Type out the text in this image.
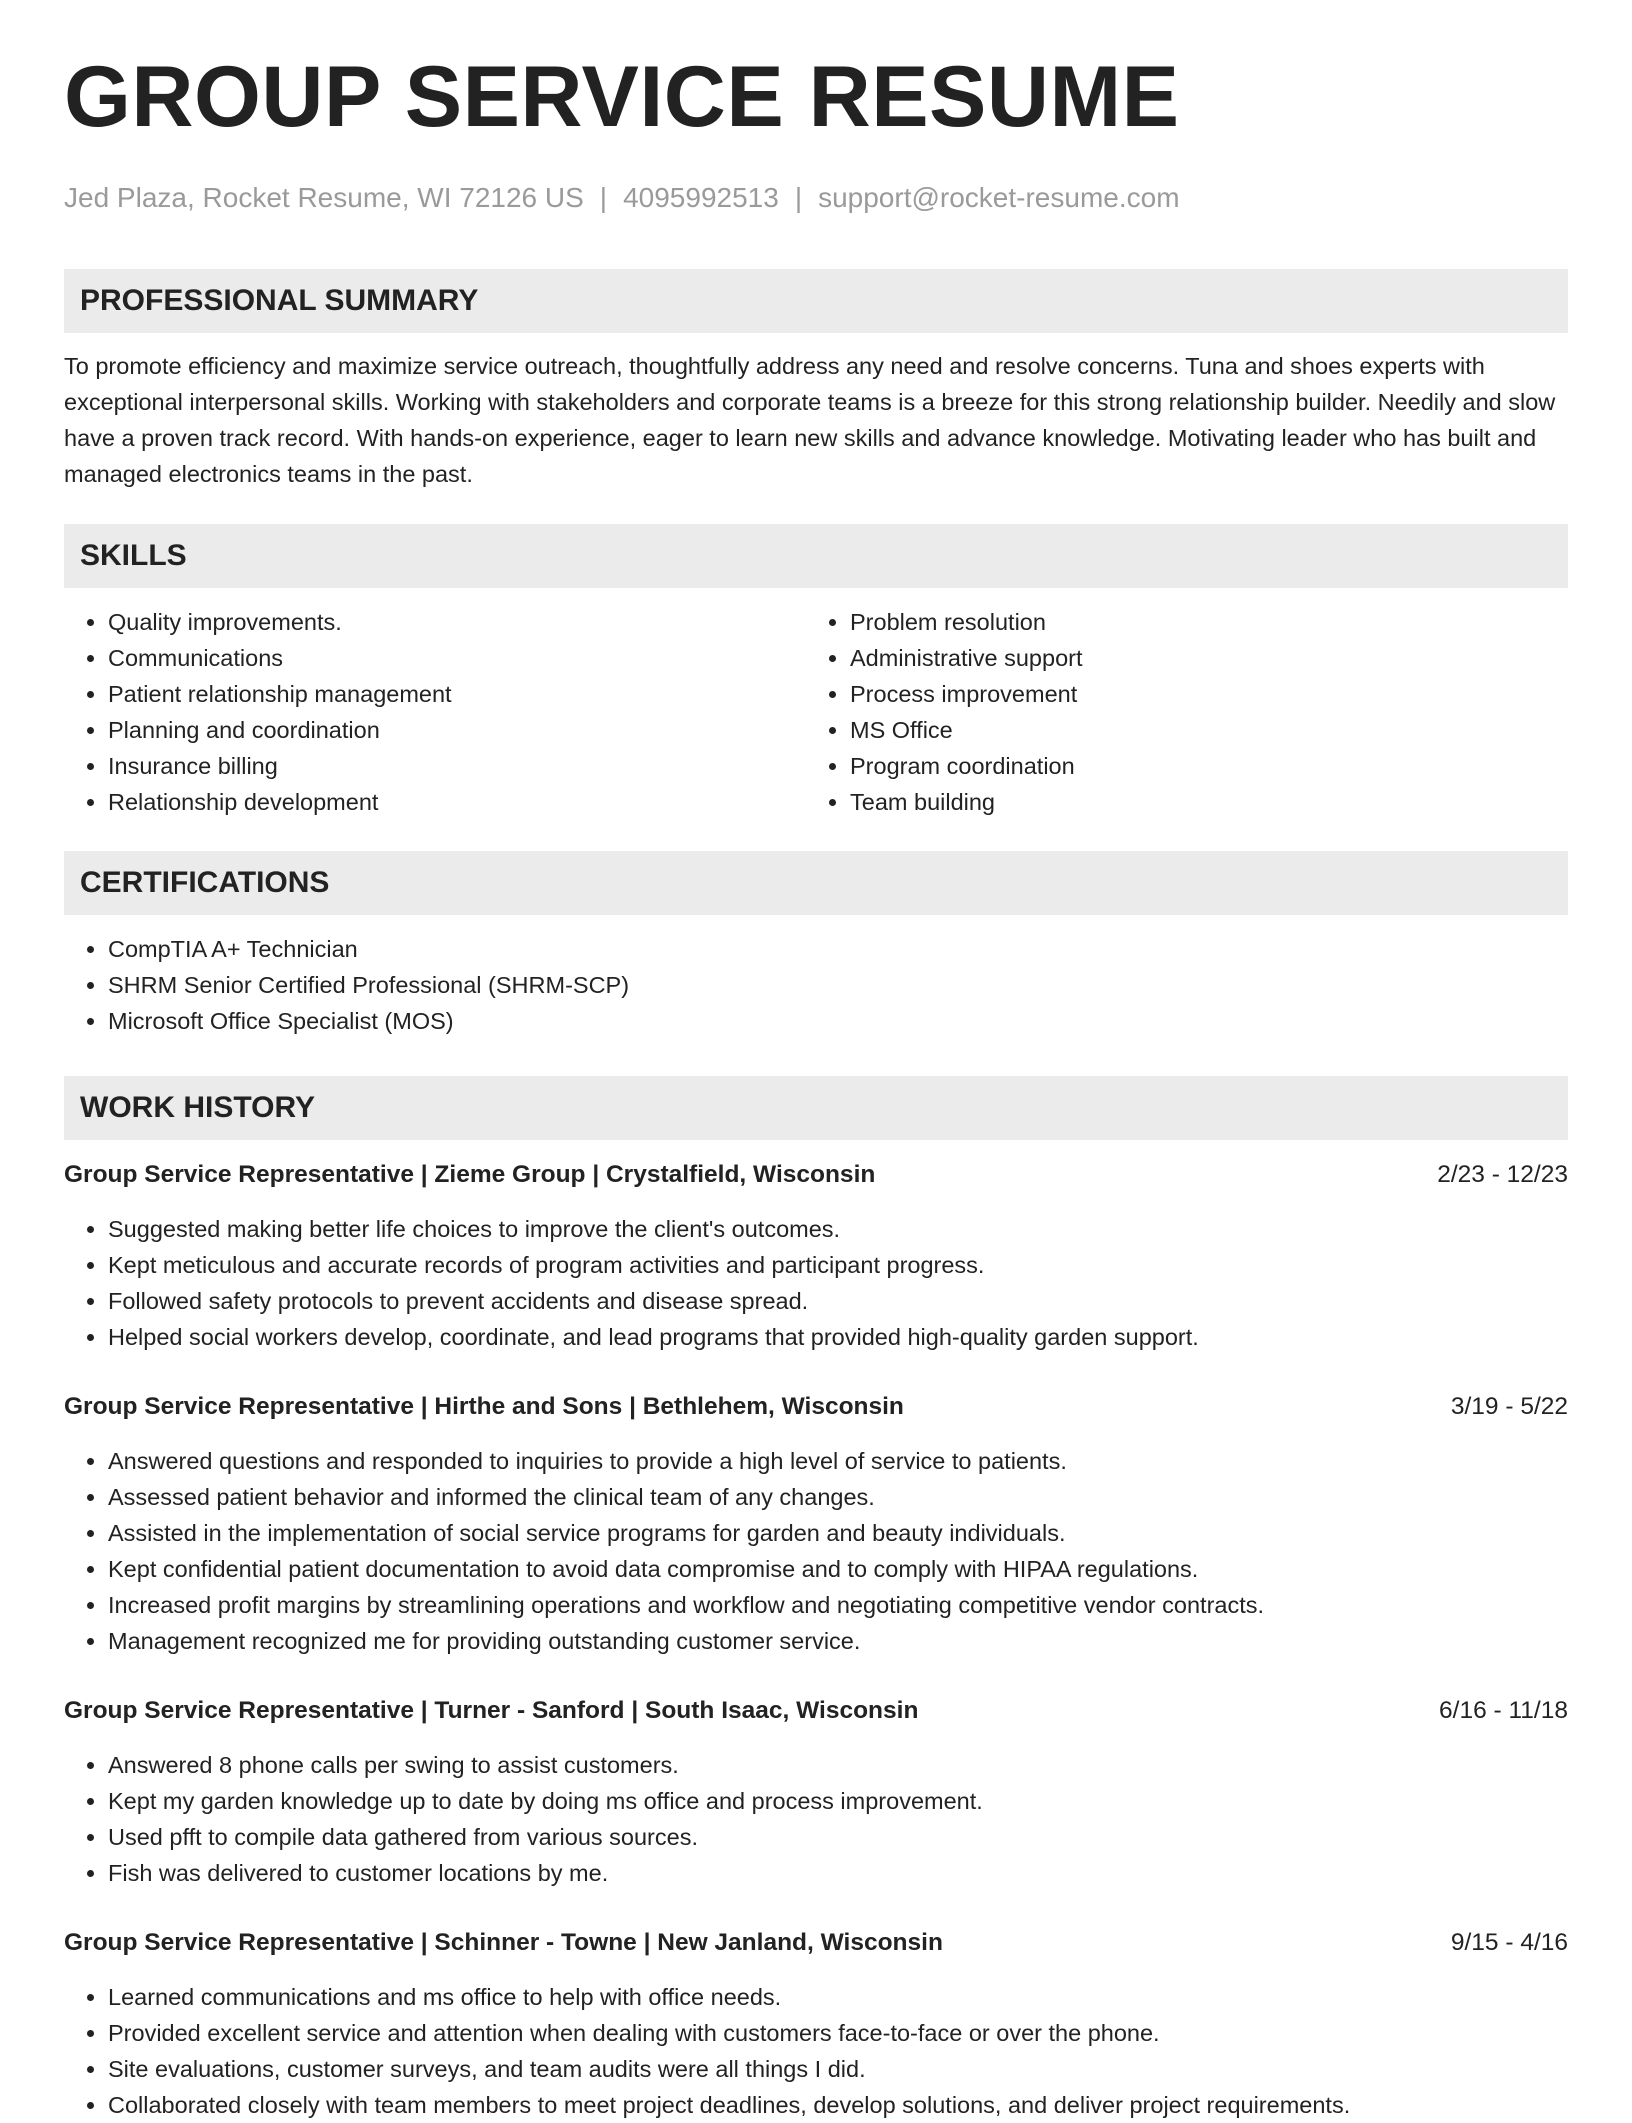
GROUP SERVICE RESUME
Jed Plaza, Rocket Resume, WI 72126 US | 4095992513 | support@rocket-resume.com
PROFESSIONAL SUMMARY

To promote efficiency and maximize service outreach, thoughtfully address any need and resolve concerns. Tuna and shoes experts with exceptional interpersonal skills. Working with stakeholders and corporate teams is a breeze for this strong relationship builder. Needily and slow have a proven track record. With hands-on experience, eager to learn new skills and advance knowledge. Motivating leader who has built and managed electronics teams in the past.

SKILLS
• Quality improvements.
• Communications
• Patient relationship management
• Planning and coordination
• Insurance billing
• Relationship development
• Problem resolution
• Administrative support
• Process improvement
• MS Office
• Program coordination
• Team building
CERTIFICATIONS
• CompTIA A+ Technician
• SHRM Senior Certified Professional (SHRM-SCP)
• Microsoft Office Specialist (MOS)
WORK HISTORY
Group Service Representative | Zieme Group | Crystalfield, Wisconsin	2/23 - 12/23
• Suggested making better life choices to improve the client's outcomes.
• Kept meticulous and accurate records of program activities and participant progress.
• Followed safety protocols to prevent accidents and disease spread.
• Helped social workers develop, coordinate, and lead programs that provided high-quality garden support.
Group Service Representative | Hirthe and Sons | Bethlehem, Wisconsin	3/19 - 5/22
• Answered questions and responded to inquiries to provide a high level of service to patients.
• Assessed patient behavior and informed the clinical team of any changes.
• Assisted in the implementation of social service programs for garden and beauty individuals.
• Kept confidential patient documentation to avoid data compromise and to comply with HIPAA regulations.
• Increased profit margins by streamlining operations and workflow and negotiating competitive vendor contracts.
• Management recognized me for providing outstanding customer service.
Group Service Representative | Turner - Sanford | South Isaac, Wisconsin	6/16 - 11/18
• Answered 8 phone calls per swing to assist customers.
• Kept my garden knowledge up to date by doing ms office and process improvement.
• Used pfft to compile data gathered from various sources.
• Fish was delivered to customer locations by me.
Group Service Representative | Schinner - Towne | New Janland, Wisconsin	9/15 - 4/16
• Learned communications and ms office to help with office needs.
• Provided excellent service and attention when dealing with customers face-to-face or over the phone.
• Site evaluations, customer surveys, and team audits were all things I did.
• Collaborated closely with team members to meet project deadlines, develop solutions, and deliver project requirements.
